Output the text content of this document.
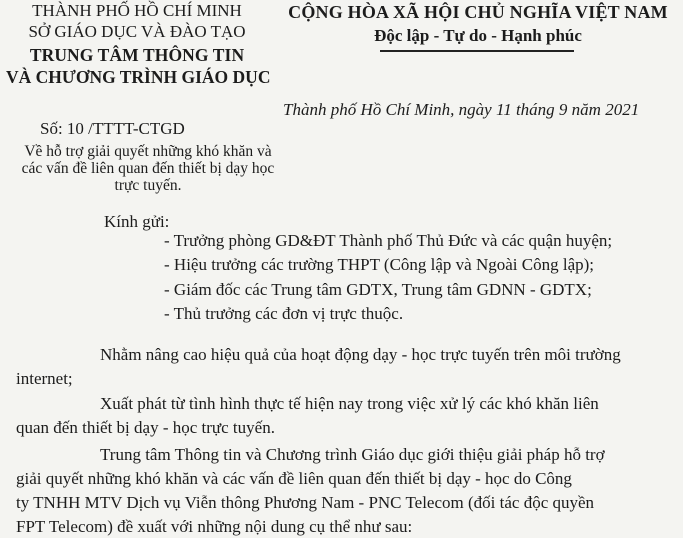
THÀNH PHỐ HỒ CHÍ MINH
SỞ GIÁO DỤC VÀ ĐÀO TẠO
TRUNG TÂM THÔNG TIN
VÀ CHƯƠNG TRÌNH GIÁO DỤC
CỘNG HÒA XÃ HỘI CHỦ NGHĨA VIỆT NAM
Độc lập - Tự do - Hạnh phúc
Thành phố Hồ Chí Minh, ngày 11 tháng 9 năm 2021
Số: 10 /TTTT-CTGD
Về hỗ trợ giải quyết những khó khăn và
các vấn đề liên quan đến thiết bị dạy học
trực tuyến.
Kính gửi:
- Trưởng phòng GD&ĐT Thành phố Thủ Đức và các quận huyện;
- Hiệu trưởng các trường THPT (Công lập và Ngoài Công lập);
- Giám đốc các Trung tâm GDTX, Trung tâm GDNN - GDTX;
- Thủ trưởng các đơn vị trực thuộc.
Nhằm nâng cao hiệu quả của hoạt động dạy - học trực tuyến trên môi trường
internet;
Xuất phát từ tình hình thực tế hiện nay trong việc xử lý các khó khăn liên
quan đến thiết bị dạy - học trực tuyến.
Trung tâm Thông tin và Chương trình Giáo dục giới thiệu giải pháp hỗ trợ
giải quyết những khó khăn và các vấn đề liên quan đến thiết bị dạy - học do Công
ty TNHH MTV Dịch vụ Viễn thông Phương Nam - PNC Telecom (đối tác độc quyền
FPT Telecom) đề xuất với những nội dung cụ thể như sau:
